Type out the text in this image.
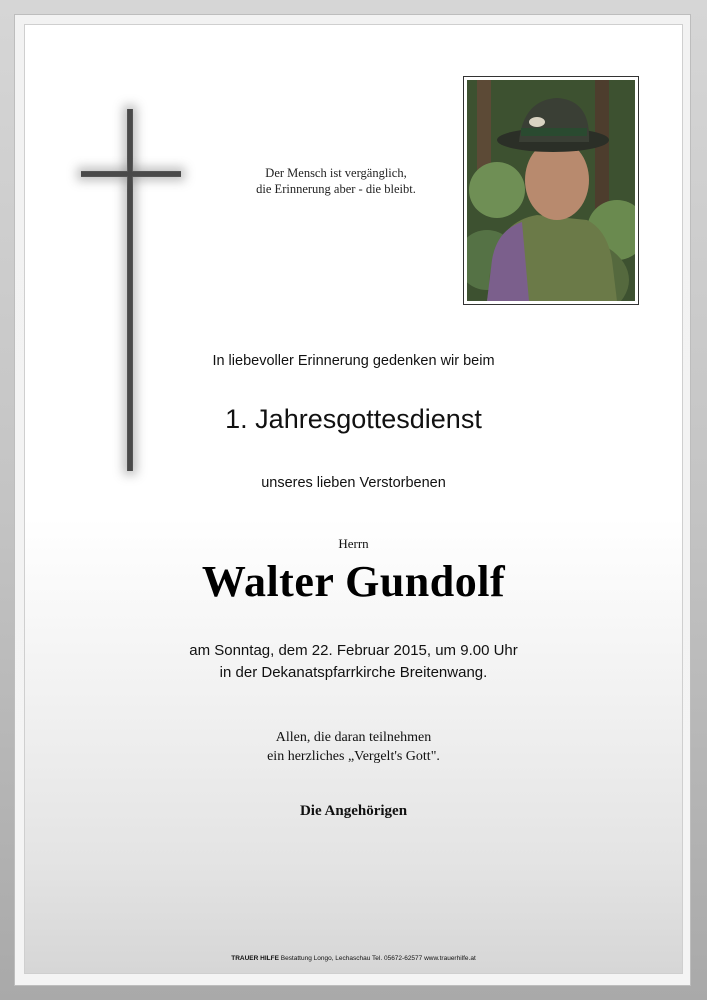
Der Mensch ist vergänglich,
die Erinnerung aber - die bleibt.
In liebevoller Erinnerung gedenken wir beim
1. Jahresgottesdienst
unseres lieben Verstorbenen
Herrn
Walter Gundolf
am Sonntag, dem 22. Februar 2015, um 9.00 Uhr
in der Dekanatspfarrkirche Breitenwang.
Allen, die daran teilnehmen
ein herzliches „Vergelt's Gott".
Die Angehörigen
TRAUER HILFE Bestattung Longo, Lechaschau Tel. 05672-62577 www.trauerhilfe.at
